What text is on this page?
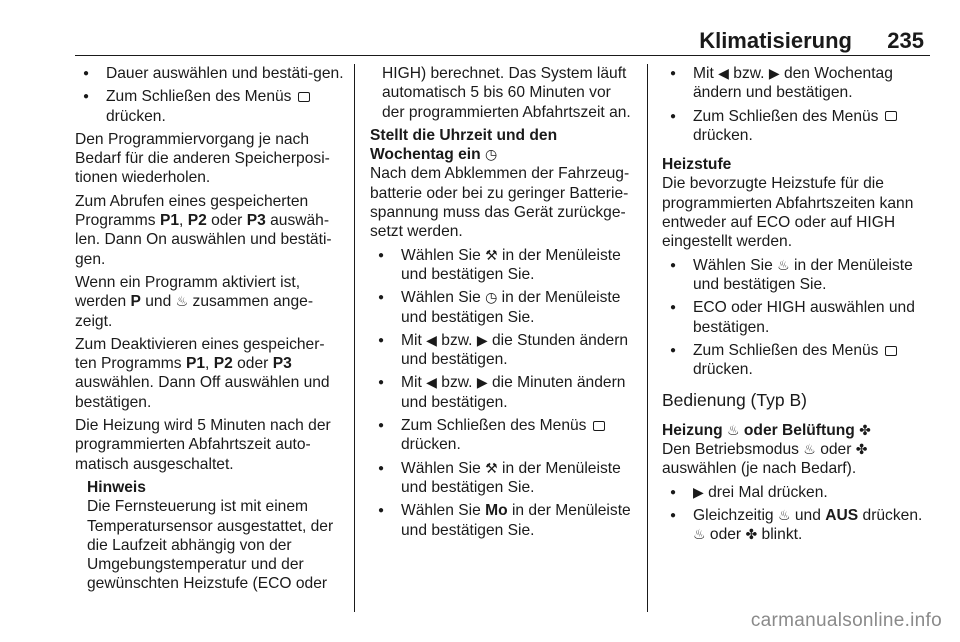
Klimatisierung 235
● Dauer auswählen und bestäti-gen.
● Zum Schließen des Menüs  drücken.

Den Programmiervorgang je nach Bedarf für die anderen Speicherposi-tionen wiederholen.

Zum Abrufen eines gespeicherten Programms P1, P2 oder P3 auswäh-len. Dann On auswählen und bestäti-gen.

Wenn ein Programm aktiviert ist, werden P und ♨ zusammen ange-zeigt.

Zum Deaktivieren eines gespeicher-ten Programms P1, P2 oder P3 auswählen. Dann Off auswählen und bestätigen.

Die Heizung wird 5 Minuten nach der programmierten Abfahrtszeit auto-matisch ausgeschaltet.

Hinweis
Die Fernsteuerung ist mit einem Temperatursensor ausgestattet, der die Laufzeit abhängig von der Umgebungstemperatur und der gewünschten Heizstufe (ECO oder

HIGH) berechnet. Das System läuft automatisch 5 bis 60 Minuten vor der programmierten Abfahrtszeit an.

Stellt die Uhrzeit und den Wochentag ein ◷

Nach dem Abklemmen der Fahrzeug-batterie oder bei zu geringer Batterie-spannung muss das Gerät zurückge-setzt werden.

● Wählen Sie ⚒ in der Menüleiste und bestätigen Sie.
● Wählen Sie ◷ in der Menüleiste und bestätigen Sie.
● Mit ◀ bzw. ▶ die Stunden ändern und bestätigen.
● Mit ◀ bzw. ▶ die Minuten ändern und bestätigen.
● Zum Schließen des Menüs  drücken.
● Wählen Sie ⚒ in der Menüleiste und bestätigen Sie.
● Wählen Sie Mo in der Menüleiste und bestätigen Sie.
● Mit ◀ bzw. ▶ den Wochentag ändern und bestätigen.
● Zum Schließen des Menüs  drücken.

Heizstufe

Die bevorzugte Heizstufe für die programmierten Abfahrtszeiten kann entweder auf ECO oder auf HIGH eingestellt werden.

● Wählen Sie ♨ in der Menüleiste und bestätigen Sie.
● ECO oder HIGH auswählen und bestätigen.
● Zum Schließen des Menüs  drücken.
Bedienung (Typ B)

Heizung ♨ oder Belüftung ✤

Den Betriebsmodus ♨ oder ✤ auswählen (je nach Bedarf).

● ▶ drei Mal drücken.
● Gleichzeitig ♨ und AUS drücken.
♨ oder ✤ blinkt.
carmanualsonline.info
